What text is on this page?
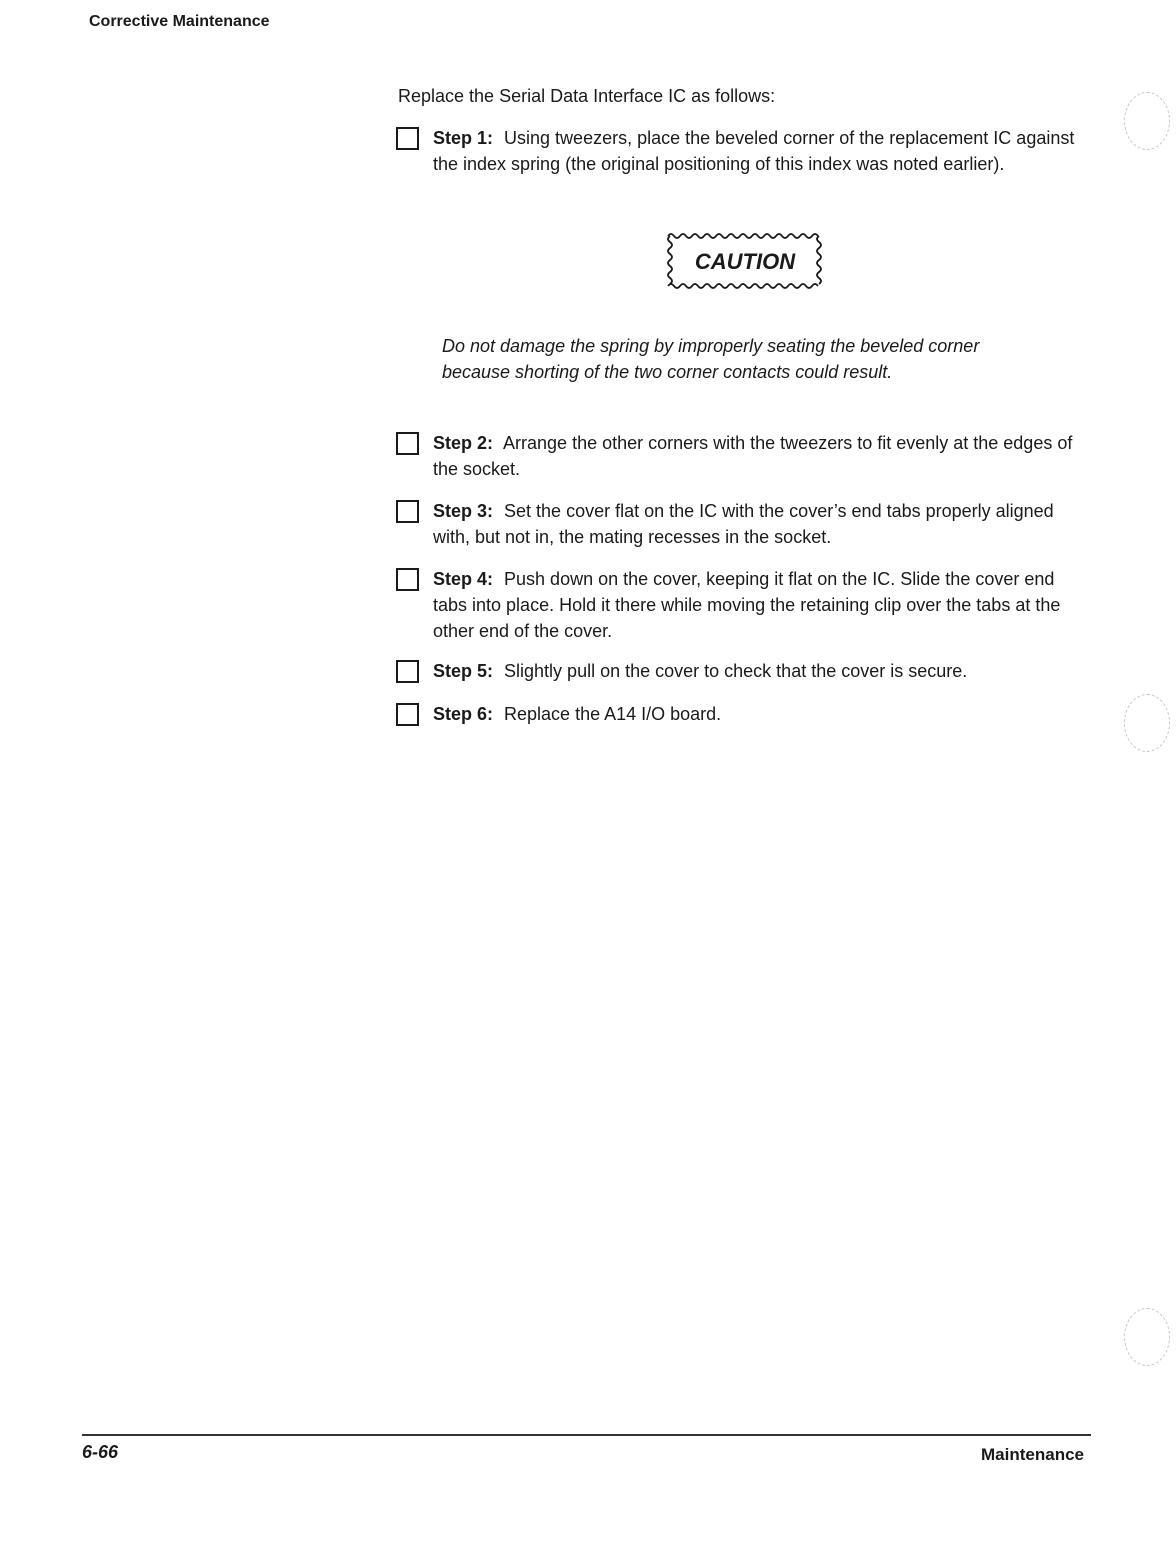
Corrective Maintenance
Replace the Serial Data Interface IC as follows:
Step 1: Using tweezers, place the beveled corner of the replacement IC against the index spring (the original positioning of this index was noted earlier).
CAUTION
Do not damage the spring by improperly seating the beveled corner because shorting of the two corner contacts could result.
Step 2: Arrange the other corners with the tweezers to fit evenly at the edges of the socket.
Step 3: Set the cover flat on the IC with the cover’s end tabs properly aligned with, but not in, the mating recesses in the socket.
Step 4: Push down on the cover, keeping it flat on the IC. Slide the cover end tabs into place. Hold it there while moving the retaining clip over the tabs at the other end of the cover.
Step 5: Slightly pull on the cover to check that the cover is secure.
Step 6: Replace the A14 I/O board.
6-66	Maintenance
